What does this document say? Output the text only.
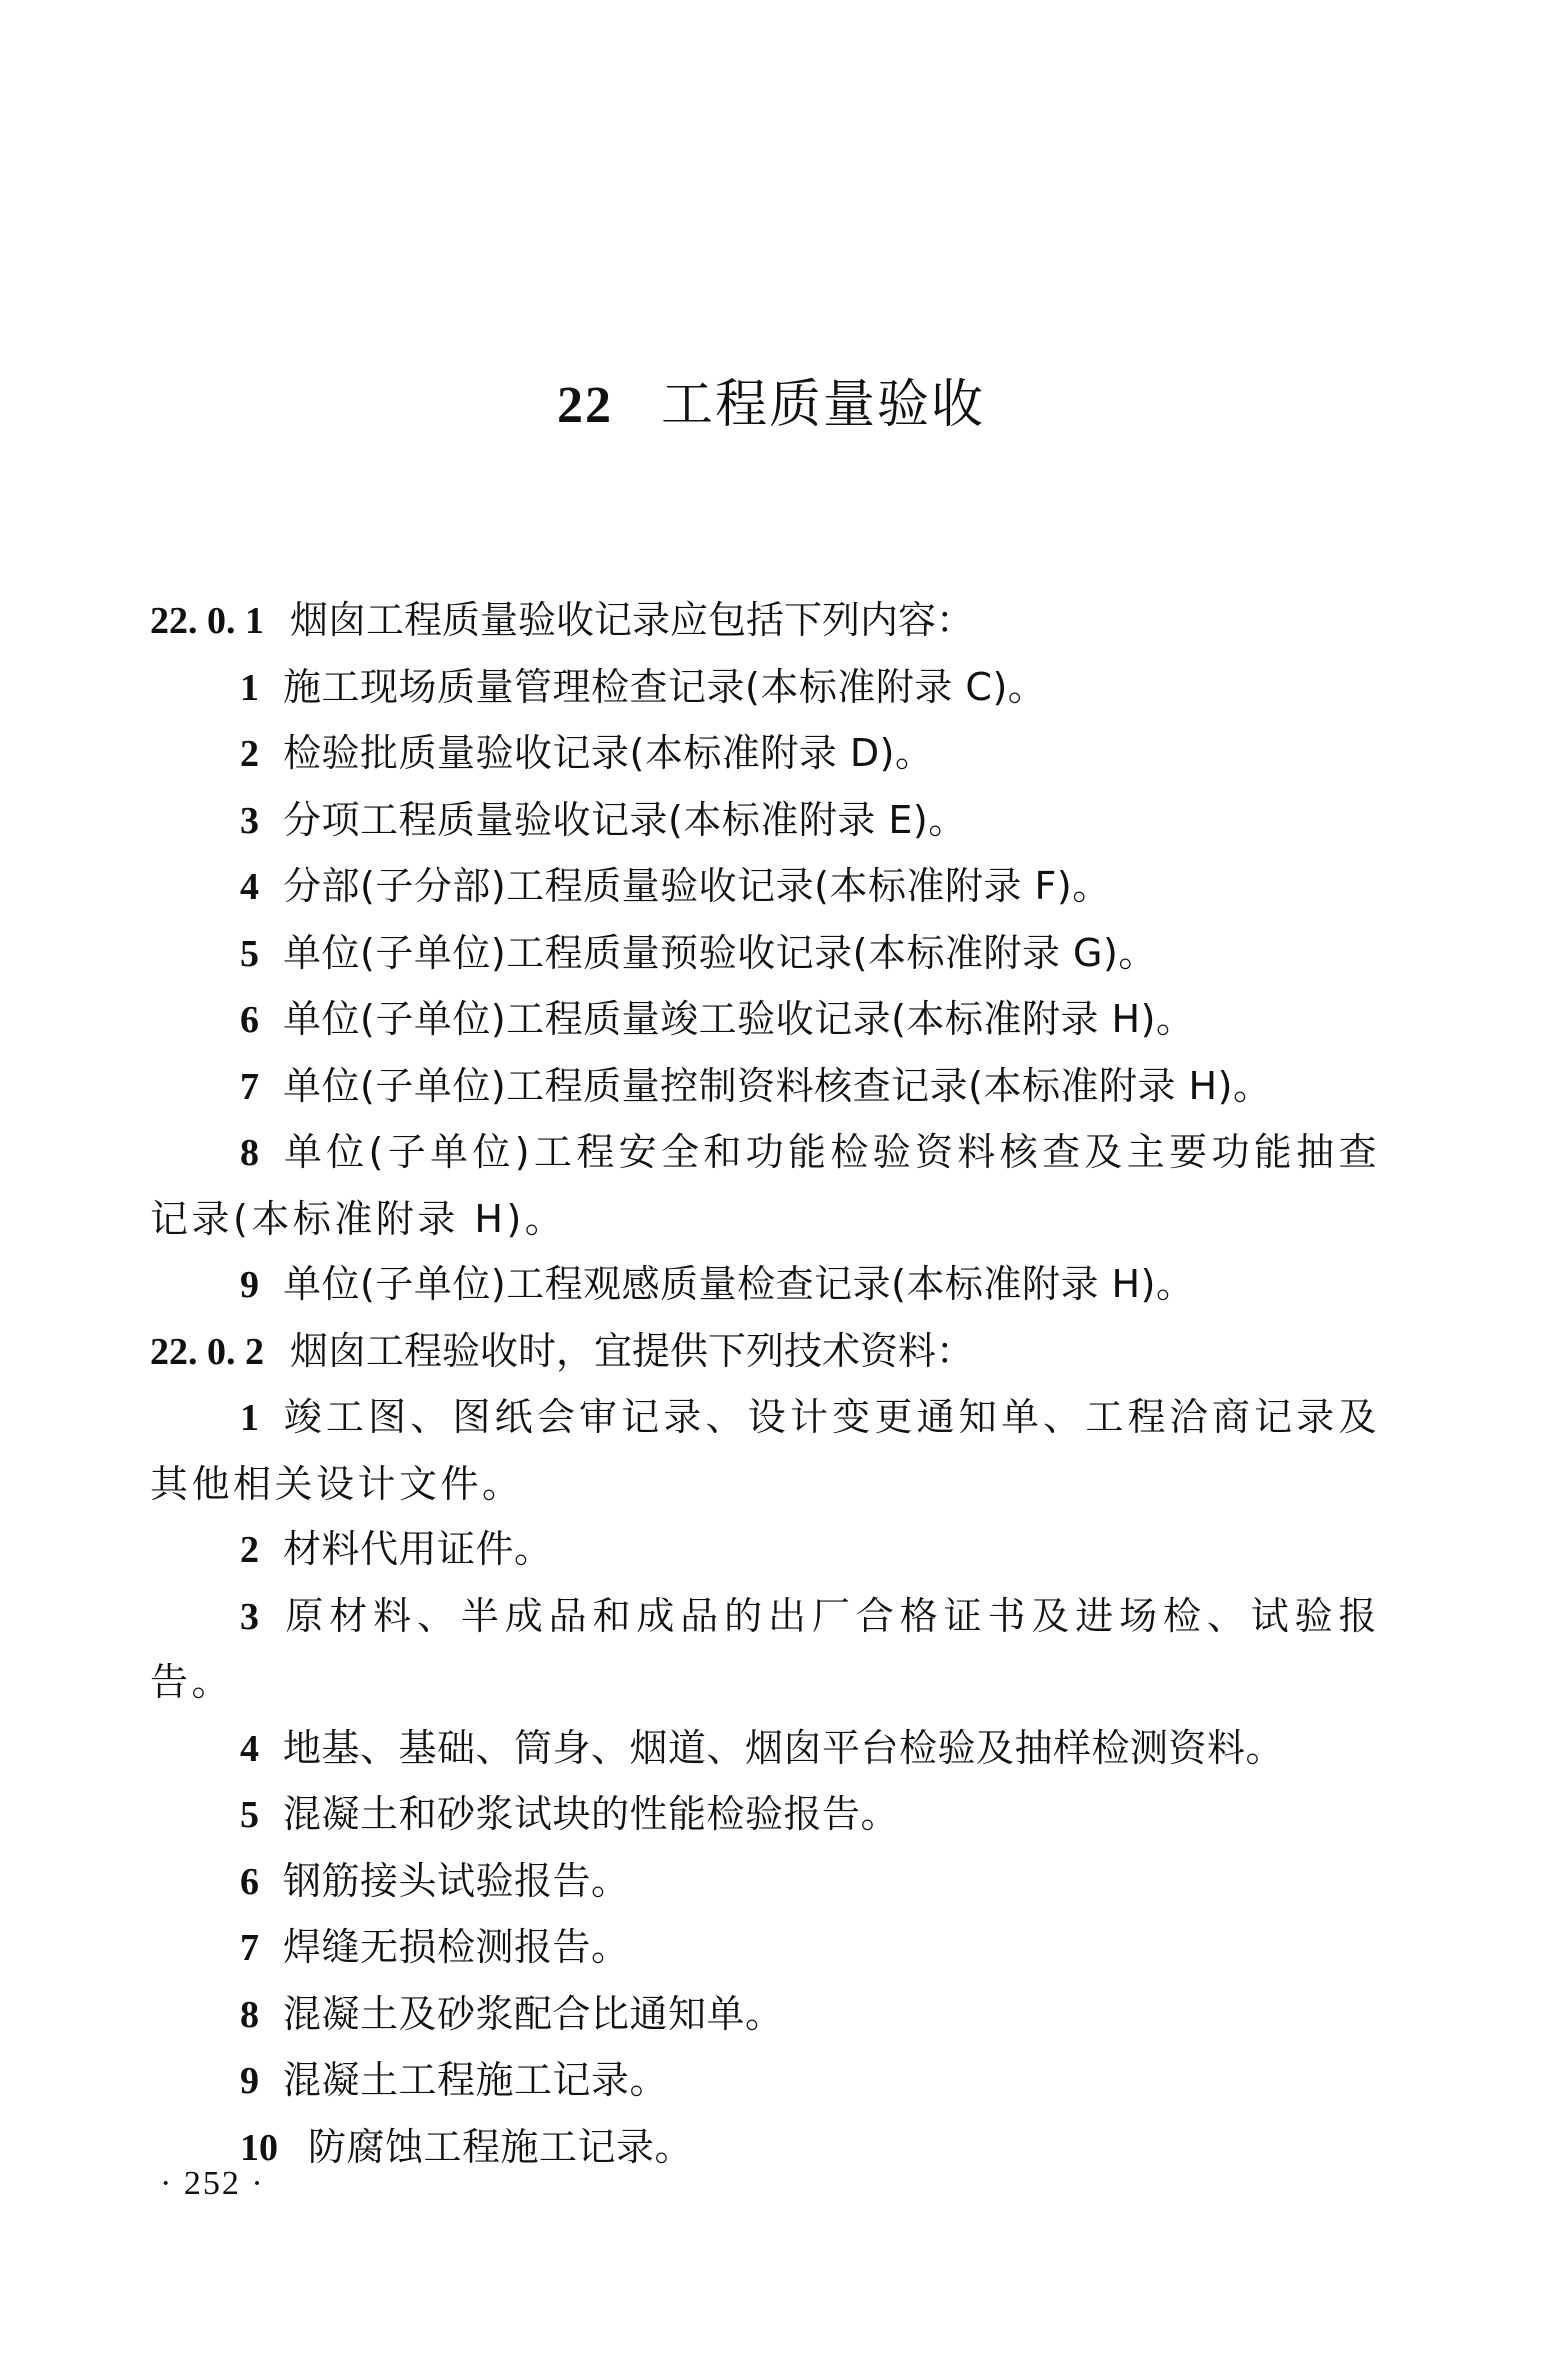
22 工程质量验收
22. 0. 1 烟囱工程质量验收记录应包括下列内容：
1 施工现场质量管理检查记录(本标准附录 C)。
2 检验批质量验收记录(本标准附录 D)。
3 分项工程质量验收记录(本标准附录 E)。
4 分部(子分部)工程质量验收记录(本标准附录 F)。
5 单位(子单位)工程质量预验收记录(本标准附录 G)。
6 单位(子单位)工程质量竣工验收记录(本标准附录 H)。
7 单位(子单位)工程质量控制资料核查记录(本标准附录 H)。
8 单位(子单位)工程安全和功能检验资料核查及主要功能抽查记录(本标准附录 H)。
9 单位(子单位)工程观感质量检查记录(本标准附录 H)。
22. 0. 2 烟囱工程验收时，宜提供下列技术资料：
1 竣工图、图纸会审记录、设计变更通知单、工程洽商记录及其他相关设计文件。
2 材料代用证件。
3 原材料、半成品和成品的出厂合格证书及进场检、试验报告。
4 地基、基础、筒身、烟道、烟囱平台检验及抽样检测资料。
5 混凝土和砂浆试块的性能检验报告。
6 钢筋接头试验报告。
7 焊缝无损检测报告。
8 混凝土及砂浆配合比通知单。
9 混凝土工程施工记录。
10 防腐蚀工程施工记录。
· 252 ·
